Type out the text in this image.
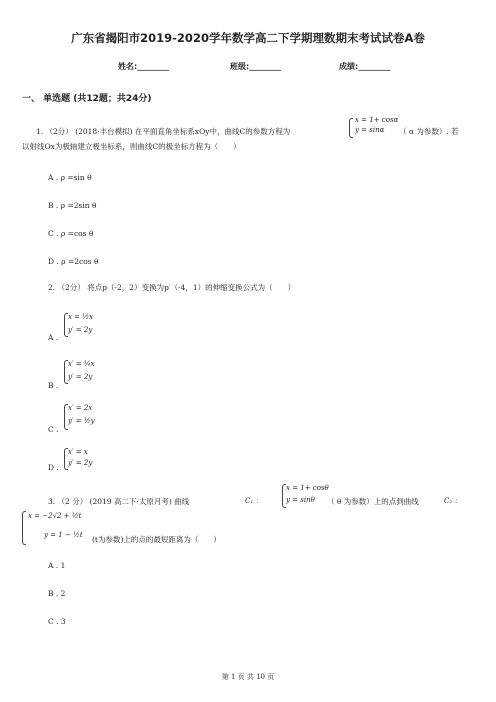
广东省揭阳市2019-2020学年数学高二下学期理数期末考试试卷A卷
姓名:________	班级:________	成绩:________
一、 单选题 (共12题；共24分)
1. （2分） (2018·丰台模拟) 在平面直角坐标系xOy中，曲线C的参数方程为
x = 1+ cosα
y = sinα （ α 为参数）. 若
以射线Ox为极轴建立极坐标系，则曲线C的极坐标方程为（　　）
A . ρ =sin θ
B . ρ =2sin θ
C . ρ =cos θ
D . ρ =2cos θ
2. （2分） 将点p（-2，2）变换为p′（-4，1）的伸缩变换公式为（　　）
A .
x = ½x
y′ = 2y
B .
x′ = ¼x
y′ = 2y
C .
x′ = 2x
y′ = ½y
D .
x′ = x
y′ = 2y
3. （2 分） (2019 高二下·太原月考) 曲线	C₁ ：
x = 1+ cosθ
y = sinθ （ θ 为参数）上的点到曲线	C₂ ：
x = −2√2 + ½t
y = 1 − ½t (t为参数)上的点的最短距离为（　　）
A . 1
B . 2
C . 3
第 1 页 共 10 页
